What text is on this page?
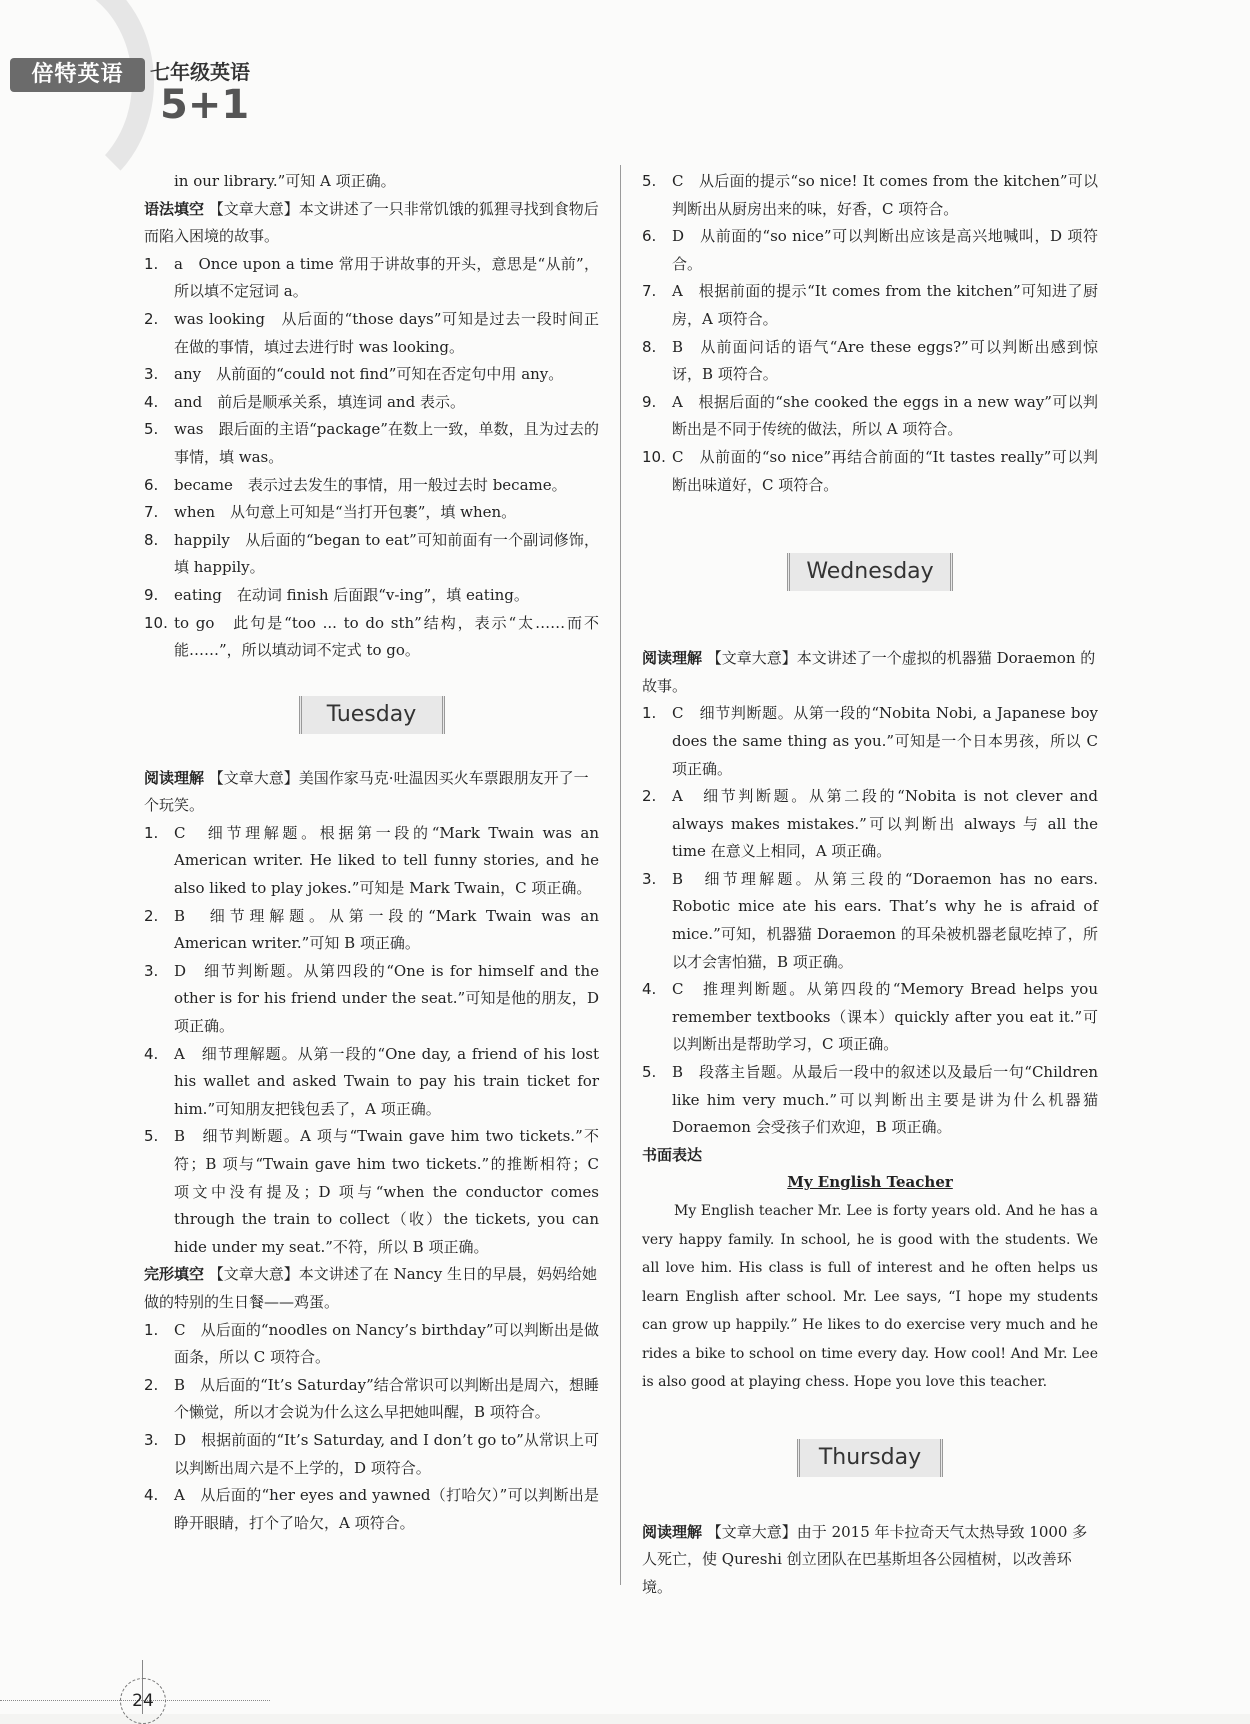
倍特英语	七年级英语
5+1
in our library.”可知 A 项正确。
语法填空 【文章大意】本文讲述了一只非常饥饿的狐狸寻找到食物后而陷入困境的故事。
1.	a　Once upon a time 常用于讲故事的开头，意思是“从前”，所以填不定冠词 a。
2.	was looking　从后面的“those days”可知是过去一段时间正在做的事情，填过去进行时 was looking。
3.	any　从前面的“could not find”可知在否定句中用 any。
4.	and　前后是顺承关系，填连词 and 表示。
5.	was　跟后面的主语“package”在数上一致，单数，且为过去的事情，填 was。
6.	became　表示过去发生的事情，用一般过去时 became。
7.	when　从句意上可知是“当打开包裹”，填 when。
8.	happily　从后面的“began to eat”可知前面有一个副词修饰，填 happily。
9.	eating　在动词 finish 后面跟“v-ing”，填 eating。
10. to go　此句是“too ... to do sth”结构，表示“太……而不能……”，所以填动词不定式 to go。
Tuesday
阅读理解 【文章大意】美国作家马克·吐温因买火车票跟朋友开了一个玩笑。
1.	C　细节理解题。根据第一段的“Mark Twain was an American writer. He liked to tell funny stories, and he also liked to play jokes.”可知是 Mark Twain，C 项正确。
2.	B　细节理解题。从第一段的“Mark Twain was an American writer.”可知 B 项正确。
3.	D　细节判断题。从第四段的“One is for himself and the other is for his friend under the seat.”可知是他的朋友，D 项正确。
4.	A　细节理解题。从第一段的“One day, a friend of his lost his wallet and asked Twain to pay his train ticket for him.”可知朋友把钱包丢了，A 项正确。
5.	B　细节判断题。A 项与“Twain gave him two tickets.”不符；B 项与“Twain gave him two tickets.”的推断相符；C 项文中没有提及；D 项与“when the conductor comes through the train to collect（收）the tickets, you can hide under my seat.”不符，所以 B 项正确。
完形填空 【文章大意】本文讲述了在 Nancy 生日的早晨，妈妈给她做的特别的生日餐——鸡蛋。
1.	C　从后面的“noodles on Nancy’s birthday”可以判断出是做面条，所以 C 项符合。
2.	B　从后面的“It’s Saturday”结合常识可以判断出是周六，想睡个懒觉，所以才会说为什么这么早把她叫醒，B 项符合。
3.	D　根据前面的“It’s Saturday, and I don’t go to”从常识上可以判断出周六是不上学的，D 项符合。
4.	A　从后面的“her eyes and yawned（打哈欠）”可以判断出是睁开眼睛，打个了哈欠，A 项符合。
5.	C　从后面的提示“so nice! It comes from the kitchen”可以判断出从厨房出来的味，好香，C 项符合。
6.	D　从前面的“so nice”可以判断出应该是高兴地喊叫，D 项符合。
7.	A　根据前面的提示“It comes from the kitchen”可知进了厨房，A 项符合。
8.	B　从前面问话的语气“Are these eggs?”可以判断出感到惊讶，B 项符合。
9.	A　根据后面的“she cooked the eggs in a new way”可以判断出是不同于传统的做法，所以 A 项符合。
10. C　从前面的“so nice”再结合前面的“It tastes really”可以判断出味道好，C 项符合。
Wednesday
阅读理解 【文章大意】本文讲述了一个虚拟的机器猫 Doraemon 的故事。
1.	C　细节判断题。从第一段的“Nobita Nobi, a Japanese boy does the same thing as you.”可知是一个日本男孩，所以 C 项正确。
2.	A　细节判断题。从第二段的“Nobita is not clever and always makes mistakes.”可以判断出 always 与 all the time 在意义上相同，A 项正确。
3.	B　细节理解题。从第三段的“Doraemon has no ears. Robotic mice ate his ears. That’s why he is afraid of mice.”可知，机器猫 Doraemon 的耳朵被机器老鼠吃掉了，所以才会害怕猫，B 项正确。
4.	C　推理判断题。从第四段的“Memory Bread helps you remember textbooks（课本）quickly after you eat it.”可以判断出是帮助学习，C 项正确。
5.	B　段落主旨题。从最后一段中的叙述以及最后一句“Children like him very much.”可以判断出主要是讲为什么机器猫 Doraemon 会受孩子们欢迎，B 项正确。
书面表达
My English Teacher
My English teacher Mr. Lee is forty years old. And he has a very happy family. In school, he is good with the students. We all love him. His class is full of interest and he often helps us learn English after school. Mr. Lee says, “I hope my students can grow up happily.” He likes to do exercise very much and he rides a bike to school on time every day. How cool! And Mr. Lee is also good at playing chess. Hope you love this teacher.
Thursday
阅读理解 【文章大意】由于 2015 年卡拉奇天气太热导致 1000 多人死亡，使 Qureshi 创立团队在巴基斯坦各公园植树，以改善环境。
24
